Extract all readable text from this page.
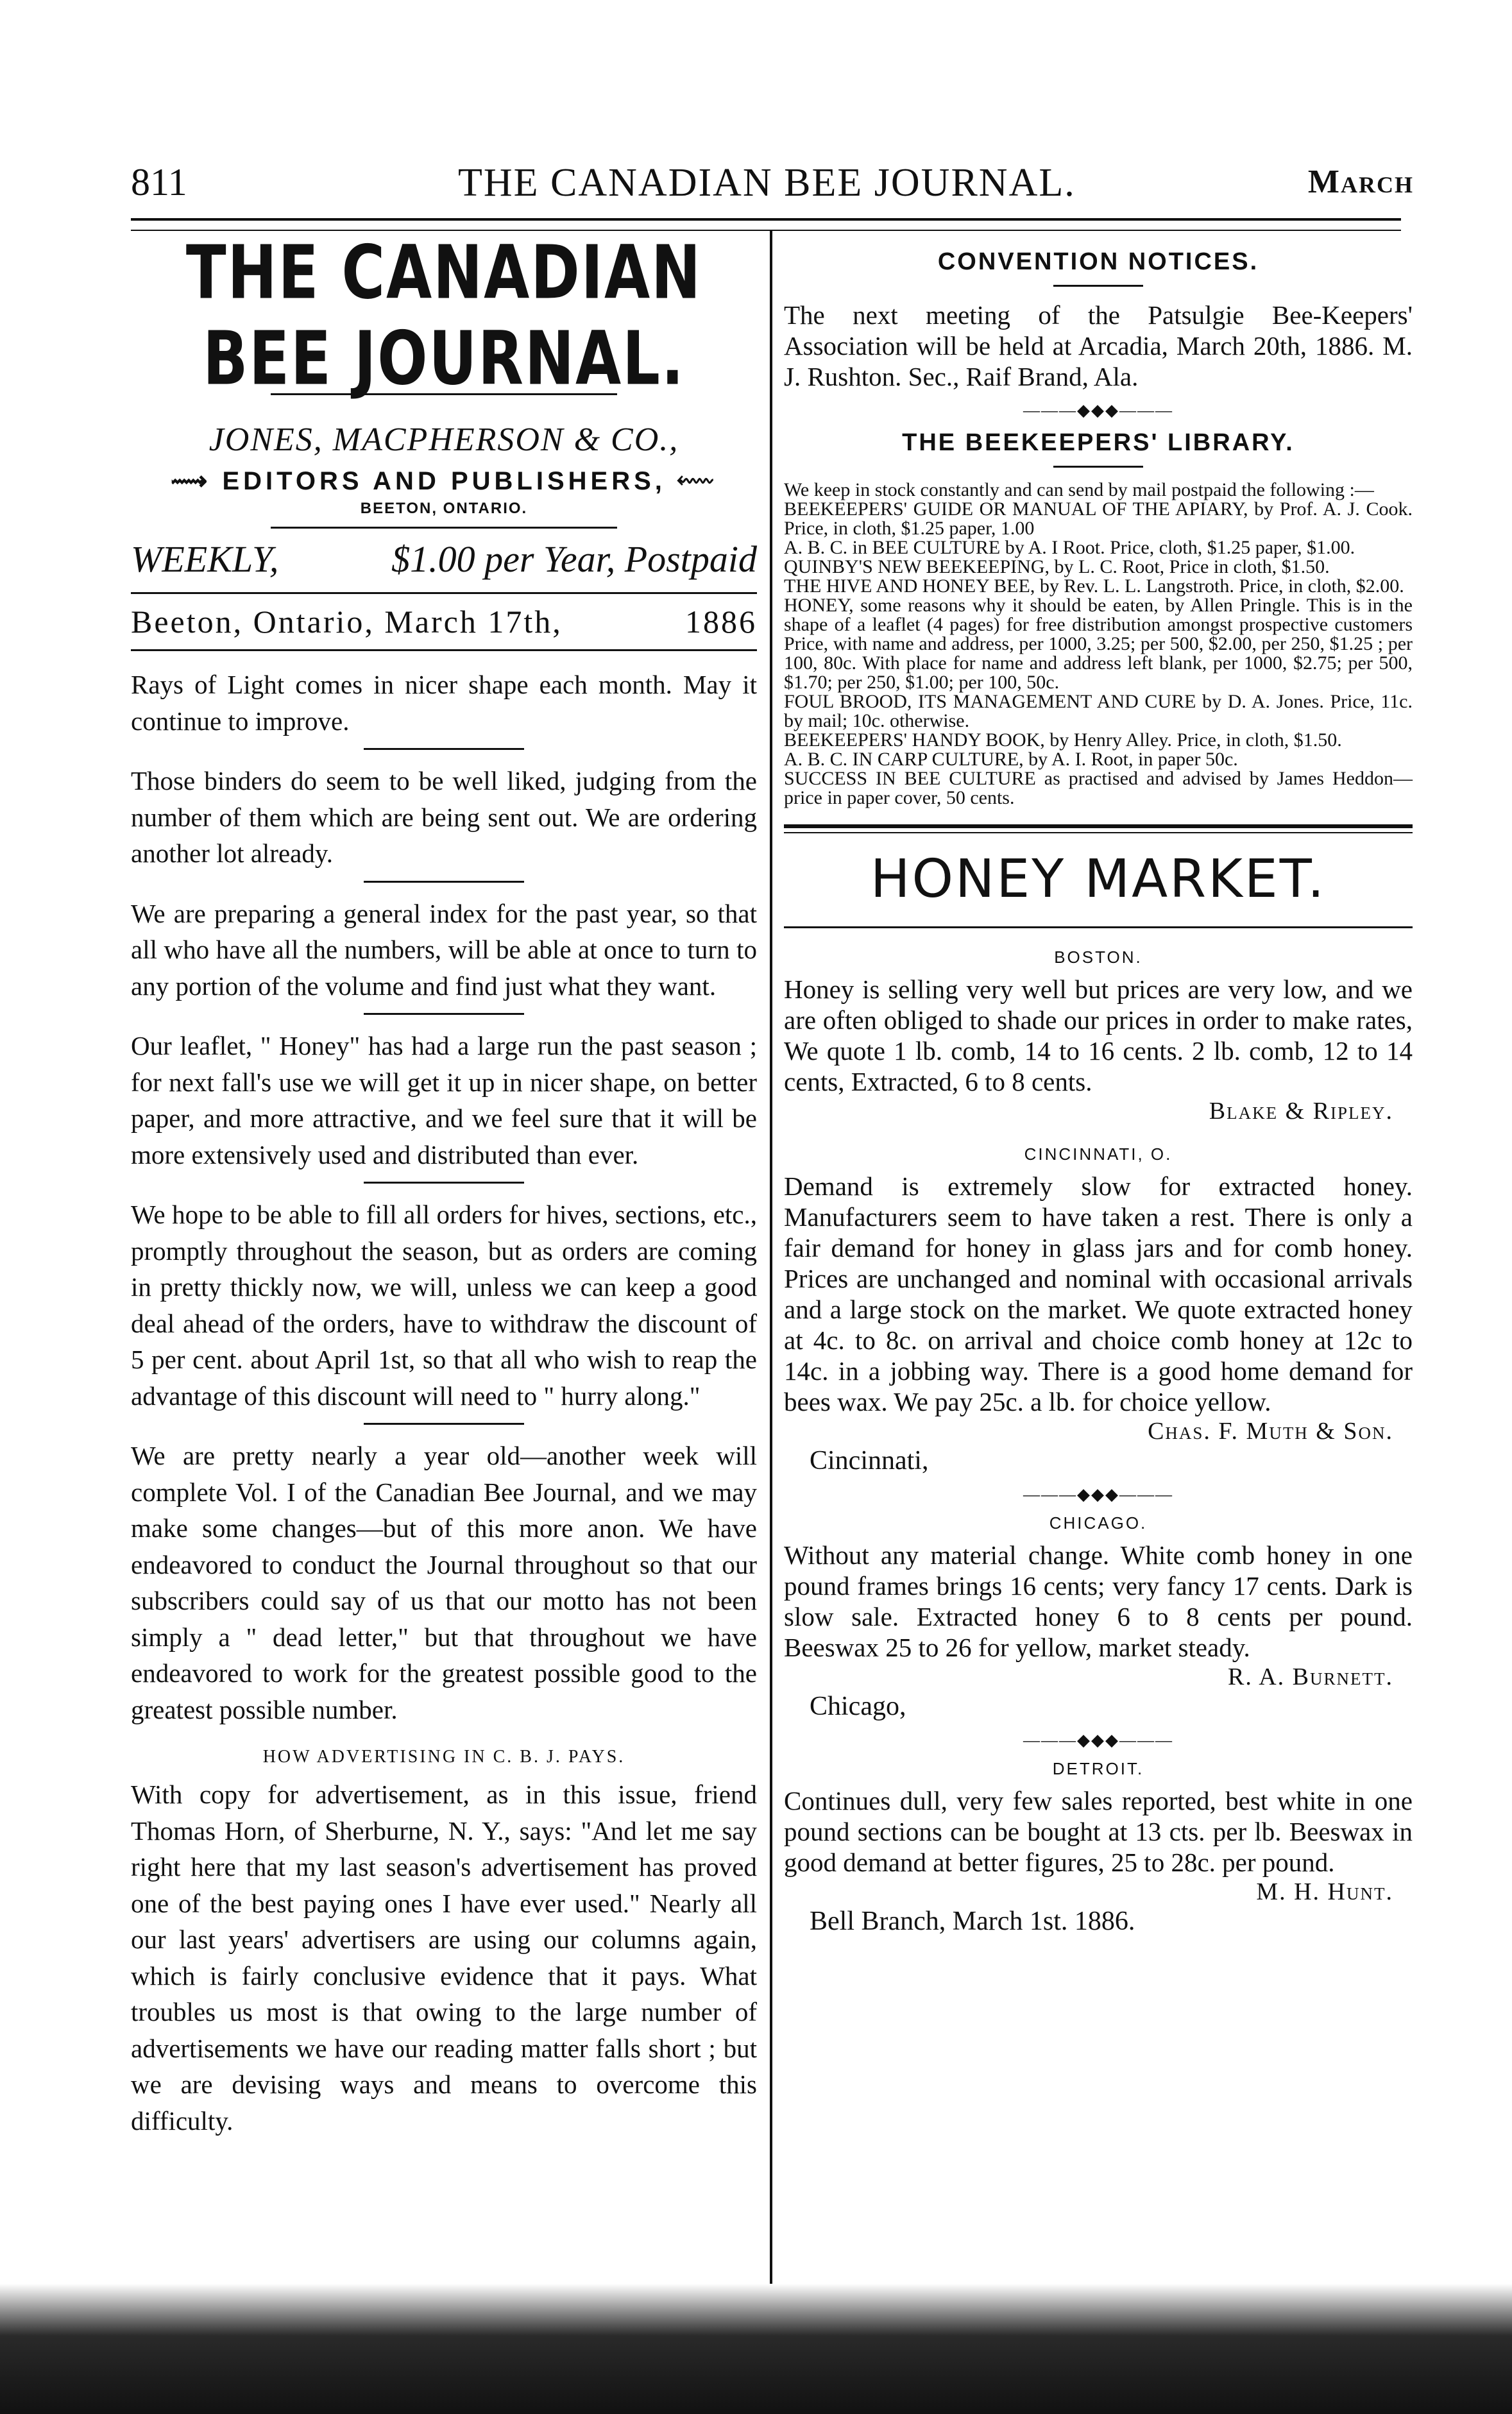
811	THE CANADIAN BEE JOURNAL.	March
THE CANADIAN BEE JOURNAL.
JONES, MACPHERSON & CO.,
⟿ EDITORS AND PUBLISHERS, ⬳
BEETON, ONTARIO.
WEEKLY,	$1.00 per Year, Postpaid
Beeton, Ontario, March 17th,	1886

Rays of Light comes in nicer shape each month. May it continue to improve.

Those binders do seem to be well liked, judging from the number of them which are being sent out. We are ordering another lot already.

We are preparing a general index for the past year, so that all who have all the numbers, will be able at once to turn to any portion of the volume and find just what they want.

Our leaflet, " Honey" has had a large run the past season ; for next fall's use we will get it up in nicer shape, on better paper, and more attractive, and we feel sure that it will be more extensively used and distributed than ever.

We hope to be able to fill all orders for hives, sections, etc., promptly throughout the season, but as orders are coming in pretty thickly now, we will, unless we can keep a good deal ahead of the orders, have to withdraw the discount of 5 per cent. about April 1st, so that all who wish to reap the advantage of this discount will need to " hurry along."

We are pretty nearly a year old—another week will complete Vol. I of the Canadian Bee Journal, and we may make some changes—but of this more anon. We have endeavored to conduct the Journal throughout so that our subscribers could say of us that our motto has not been simply a " dead letter," but that throughout we have endeavored to work for the greatest possible good to the greatest possible number.

HOW ADVERTISING IN C. B. J. PAYS.

With copy for advertisement, as in this issue, friend Thomas Horn, of Sherburne, N. Y., says: "And let me say right here that my last season's advertisement has proved one of the best paying ones I have ever used." Nearly all our last years' advertisers are using our columns again, which is fairly conclusive evidence that it pays. What troubles us most is that owing to the large number of advertisements we have our reading matter falls short ; but we are devising ways and means to overcome this difficulty.

CONVENTION NOTICES.

The next meeting of the Patsulgie Bee-Keepers' Association will be held at Arcadia, March 20th, 1886. M. J. Rushton. Sec., Raif Brand, Ala.

———◆◆◆———
THE BEEKEEPERS' LIBRARY.

We keep in stock constantly and can send by mail postpaid the following :—

BEEKEEPERS' GUIDE OR MANUAL OF THE APIARY, by Prof. A. J. Cook. Price, in cloth, $1.25 paper, 1.00

A. B. C. in BEE CULTURE by A. I Root. Price, cloth, $1.25 paper, $1.00.

QUINBY'S NEW BEEKEEPING, by L. C. Root, Price in cloth, $1.50.

THE HIVE AND HONEY BEE, by Rev. L. L. Langstroth. Price, in cloth, $2.00.

HONEY, some reasons why it should be eaten, by Allen Pringle. This is in the shape of a leaflet (4 pages) for free distribution amongst prospective customers Price, with name and address, per 1000, 3.25; per 500, $2.00, per 250, $1.25 ; per 100, 80c. With place for name and address left blank, per 1000, $2.75; per 500, $1.70; per 250, $1.00; per 100, 50c.

FOUL BROOD, ITS MANAGEMENT AND CURE by D. A. Jones. Price, 11c. by mail; 10c. otherwise.

BEEKEEPERS' HANDY BOOK, by Henry Alley. Price, in cloth, $1.50.

A. B. C. IN CARP CULTURE, by A. I. Root, in paper 50c.

SUCCESS IN BEE CULTURE as practised and advised by James Heddon—price in paper cover, 50 cents.

HONEY MARKET.
BOSTON.

Honey is selling very well but prices are very low, and we are often obliged to shade our prices in order to make rates, We quote 1 lb. comb, 14 to 16 cents. 2 lb. comb, 12 to 14 cents, Extracted, 6 to 8 cents.

Blake & Ripley.
CINCINNATI, O.

Demand is extremely slow for extracted honey. Manufacturers seem to have taken a rest. There is only a fair demand for honey in glass jars and for comb honey. Prices are unchanged and nominal with occasional arrivals and a large stock on the market. We quote extracted honey at 4c. to 8c. on arrival and choice comb honey at 12c to 14c. in a jobbing way. There is a good home demand for bees wax. We pay 25c. a lb. for choice yellow.

Chas. F. Muth & Son.
Cincinnati,
———◆◆◆———
CHICAGO.

Without any material change. White comb honey in one pound frames brings 16 cents; very fancy 17 cents. Dark is slow sale. Extracted honey 6 to 8 cents per pound. Beeswax 25 to 26 for yellow, market steady.

R. A. Burnett.
Chicago,
———◆◆◆———
DETROIT.

Continues dull, very few sales reported, best white in one pound sections can be bought at 13 cts. per lb. Beeswax in good demand at better figures, 25 to 28c. per pound.

M. H. Hunt.
Bell Branch, March 1st. 1886.
